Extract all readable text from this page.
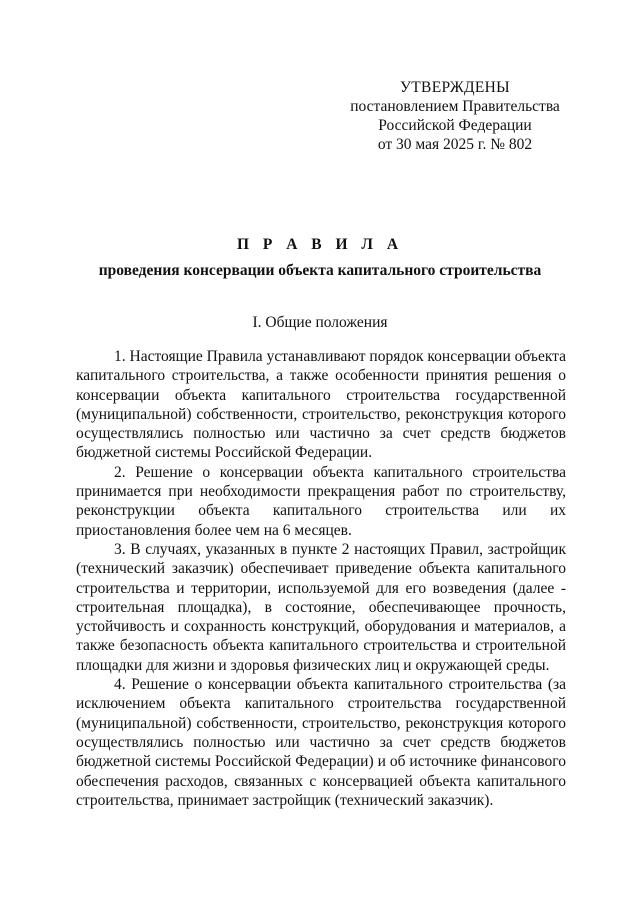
УТВЕРЖДЕНЫ
постановлением Правительства
Российской Федерации
от 30 мая 2025 г. № 802
П Р А В И Л А
проведения консервации объекта капитального строительства
I. Общие положения

1. Настоящие Правила устанавливают порядок консервации объекта капитального строительства, а также особенности принятия решения о консервации объекта капитального строительства государственной (муниципальной) собственности, строительство, реконструкция которого осуществлялись полностью или частично за счет средств бюджетов бюджетной системы Российской Федерации.

2. Решение о консервации объекта капитального строительства принимается при необходимости прекращения работ по строительству, реконструкции объекта капитального строительства или их приостановления более чем на 6 месяцев.

3. В случаях, указанных в пункте 2 настоящих Правил, застройщик (технический заказчик) обеспечивает приведение объекта капитального строительства и территории, используемой для его возведения (далее - строительная площадка), в состояние, обеспечивающее прочность, устойчивость и сохранность конструкций, оборудования и материалов, а также безопасность объекта капитального строительства и строительной площадки для жизни и здоровья физических лиц и окружающей среды.

4. Решение о консервации объекта капитального строительства (за исключением объекта капитального строительства государственной (муниципальной) собственности, строительство, реконструкция которого осуществлялись полностью или частично за счет средств бюджетов бюджетной системы Российской Федерации) и об источнике финансового обеспечения расходов, связанных с консервацией объекта капитального строительства, принимает застройщик (технический заказчик).
